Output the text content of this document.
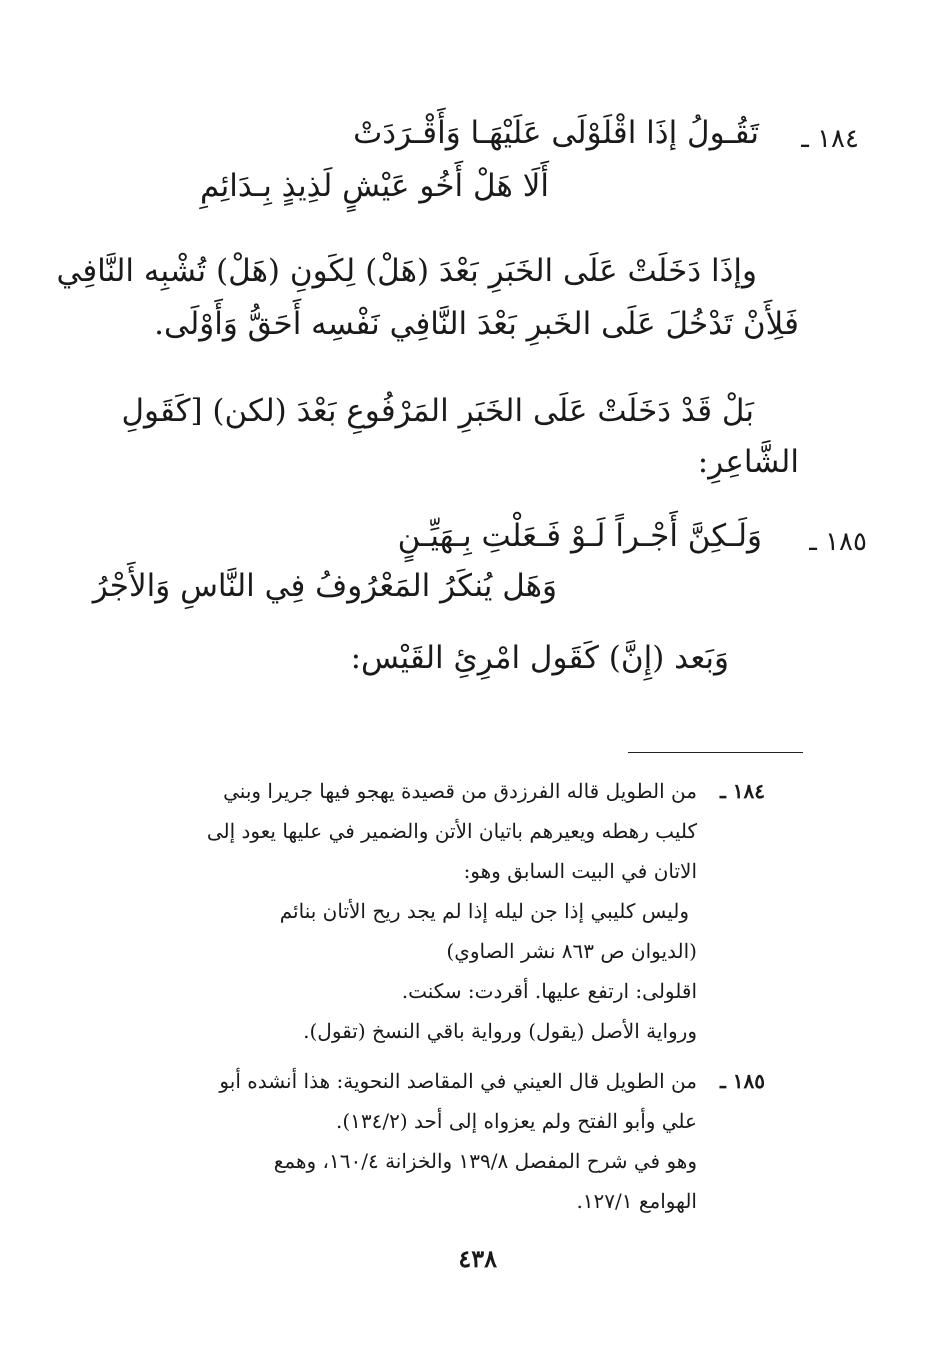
١٨٤ ـ
تَقُـولُ إذَا اقْلَوْلَى عَلَيْهَـا وَأَقْـرَدَتْ
أَلَا هَلْ أَخُو عَيْشٍ لَذِيذٍ بِـدَائِمِ
وإذَا دَخَلَتْ عَلَى الخَبَرِ بَعْدَ (هَلْ) لِكَونِ (هَلْ) تُشْبِه النَّافِي
فَلِأَنْ تَدْخُلَ عَلَى الخَبرِ بَعْدَ النَّافِي نَفْسِه أَحَقُّ وَأَوْلَى.
بَلْ قَدْ دَخَلَتْ عَلَى الخَبَرِ المَرْفُوعِ بَعْدَ (لكن) [كَقَولِ
الشَّاعِرِ:
١٨٥ ـ
وَلَـكِنَّ أَجْـراً لَـوْ فَـعَلْتِ بِـهَيِّـنٍ
وَهَل يُنكَرُ المَعْرُوفُ فِي النَّاسِ وَالأَجْرُ
وَبَعد (إِنَّ) كَقَول امْرِئِ القَيْس:
١٨٤ ـ
من الطويل قاله الفرزدق من قصيدة يهجو فيها جريرا وبني
كليب رهطه ويعيرهم باتيان الأتن والضمير في عليها يعود إلى
الاتان في البيت السابق وهو:
وليس كليبي إذا جن ليله إذا لم يجد ريح الأتان بنائم
(الديوان ص ٨٦٣ نشر الصاوي)
اقلولى: ارتفع عليها. أقردت: سكنت.
ورواية الأصل (يقول) ورواية باقي النسخ (تقول).
١٨٥ ـ
من الطويل قال العيني في المقاصد النحوية: هذا أنشده أبو
علي وأبو الفتح ولم يعزواه إلى أحد (١٣٤/٢).
وهو في شرح المفصل ١٣٩/٨ والخزانة ١٦٠/٤، وهمع
الهوامع ١٢٧/١.
٤٣٨
